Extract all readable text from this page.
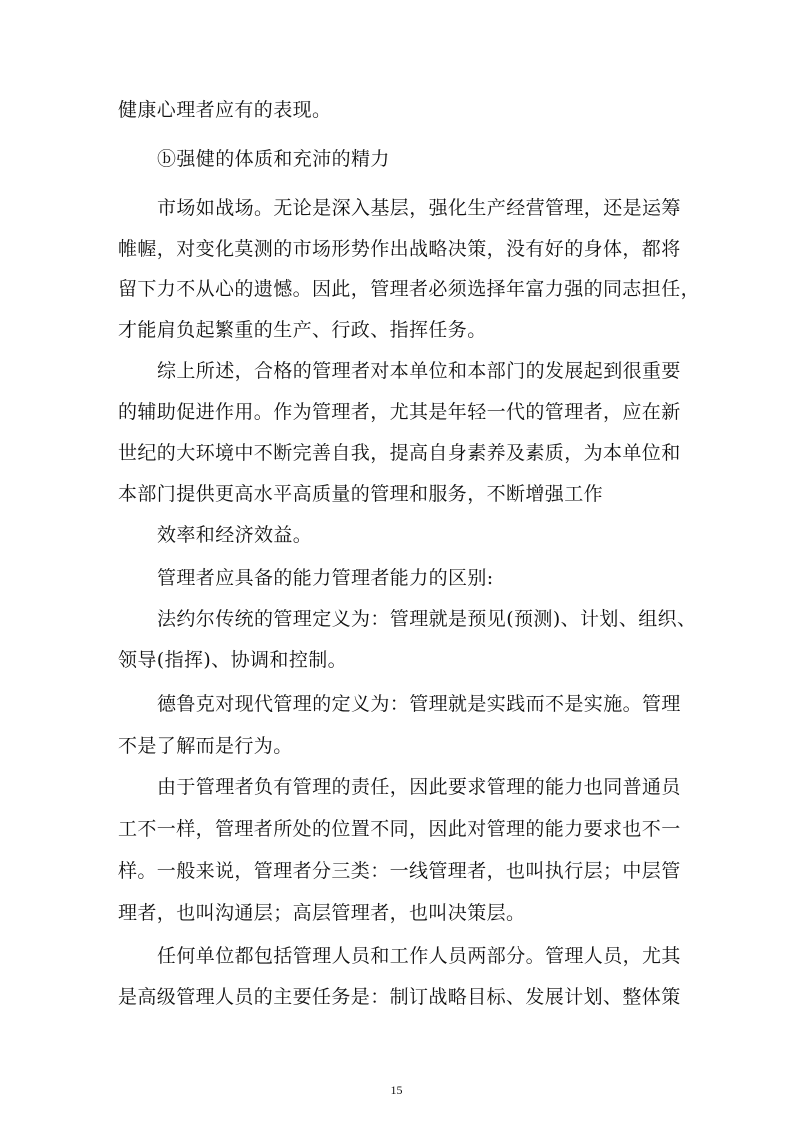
健康心理者应有的表现。
ⓑ强健的体质和充沛的精力
市场如战场。无论是深入基层，强化生产经营管理，还是运筹
帷幄，对变化莫测的市场形势作出战略决策，没有好的身体，都将
留下力不从心的遗憾。因此，管理者必须选择年富力强的同志担任，
才能肩负起繁重的生产、行政、指挥任务。
综上所述，合格的管理者对本单位和本部门的发展起到很重要
的辅助促进作用。作为管理者，尤其是年轻一代的管理者，应在新
世纪的大环境中不断完善自我，提高自身素养及素质，为本单位和
本部门提供更高水平高质量的管理和服务，不断增强工作
效率和经济效益。
管理者应具备的能力管理者能力的区别:
法约尔传统的管理定义为：管理就是预见(预测)、计划、组织、
领导(指挥)、协调和控制。
德鲁克对现代管理的定义为：管理就是实践而不是实施。管理
不是了解而是行为。
由于管理者负有管理的责任，因此要求管理的能力也同普通员
工不一样，管理者所处的位置不同，因此对管理的能力要求也不一
样。一般来说，管理者分三类：一线管理者，也叫执行层；中层管
理者，也叫沟通层；高层管理者，也叫决策层。
任何单位都包括管理人员和工作人员两部分。管理人员，尤其
是高级管理人员的主要任务是：制订战略目标、发展计划、整体策
15
